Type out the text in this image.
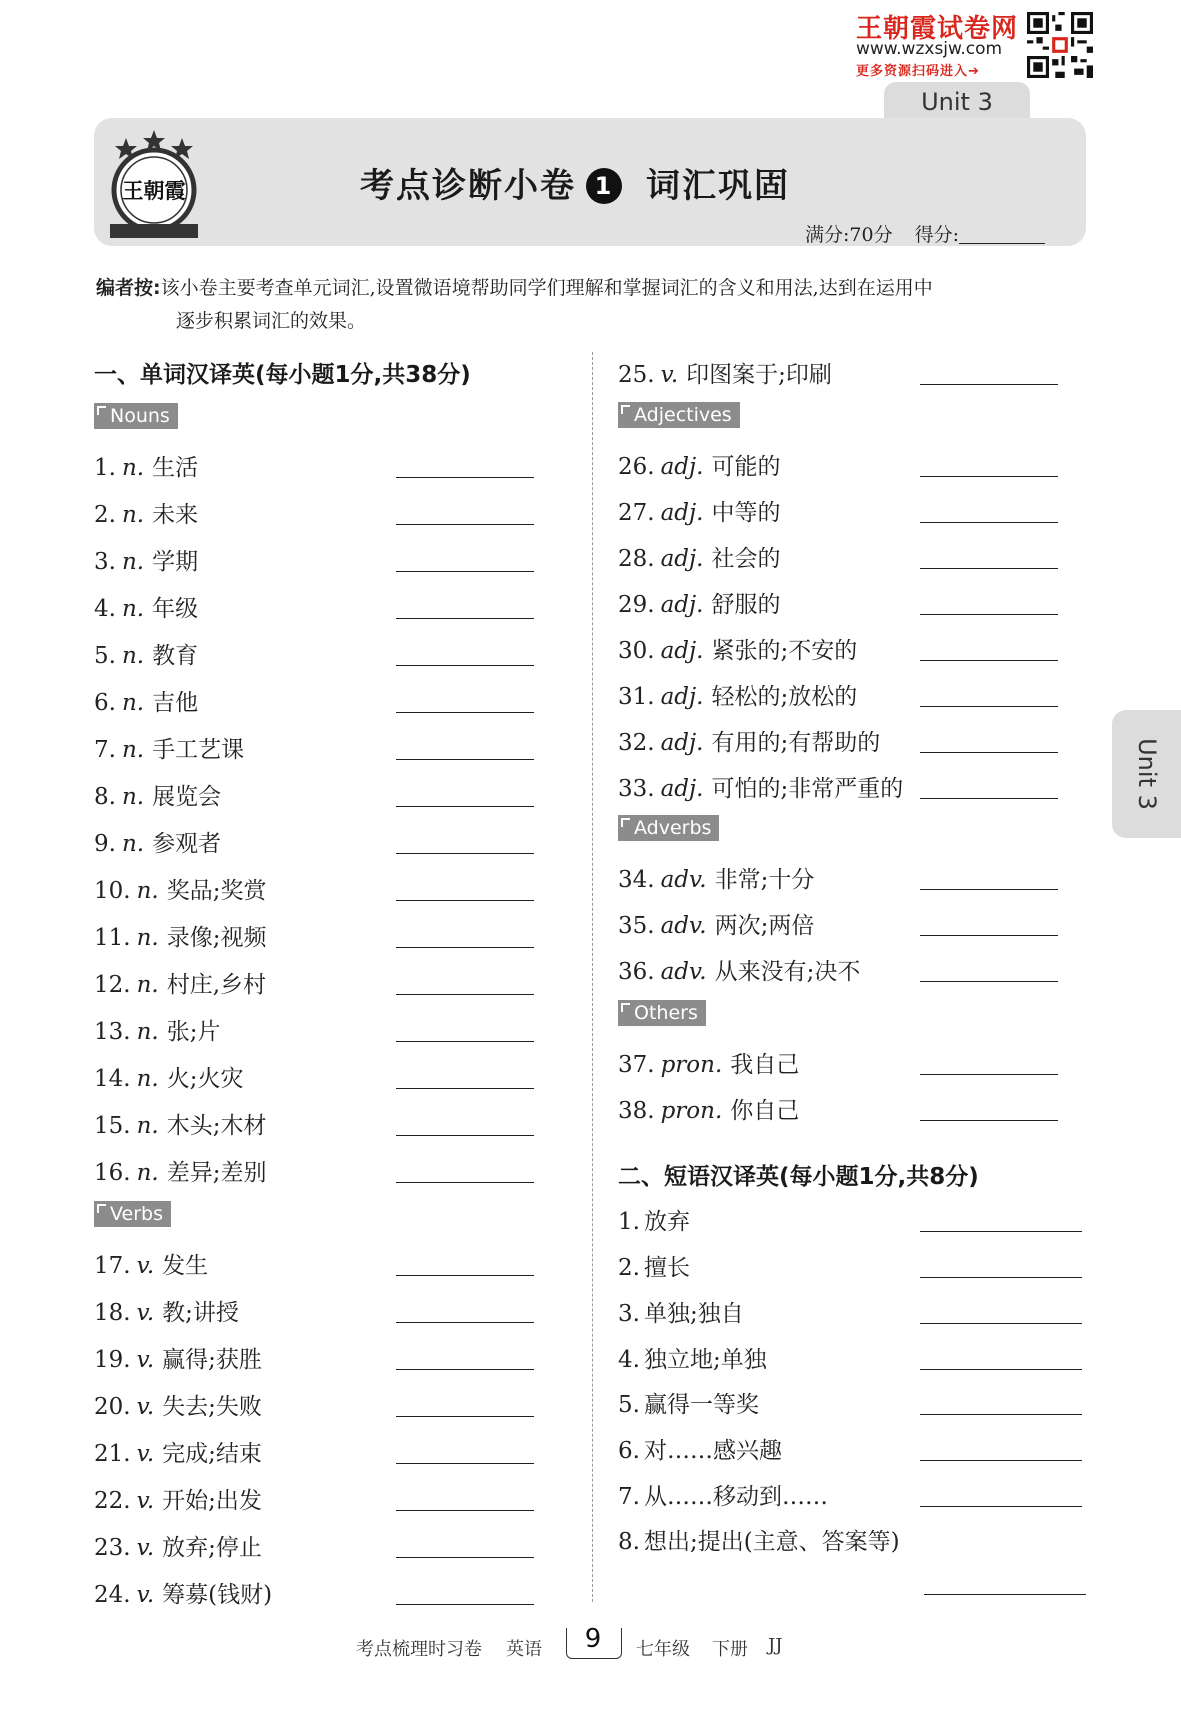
王朝霞试卷网
www.wzxsjw.com
更多资源扫码进入➔
Unit 3
王朝霞	考点诊断小卷 1 词汇巩固
满分:70分 得分:
编者按:该小卷主要考查单元词汇,设置微语境帮助同学们理解和掌握词汇的含义和用法,达到在运用中
逐步积累词汇的效果。
一、单词汉译英(每小题1分,共38分)
Nouns
Verbs
Adjectives
Adverbs
Others
二、短语汉译英(每小题1分,共8分)
1. n. 生活
2. n. 未来
3. n. 学期
4. n. 年级
5. n. 教育
6. n. 吉他
7. n. 手工艺课
8. n. 展览会
9. n. 参观者
10. n. 奖品;奖赏
11. n. 录像;视频
12. n. 村庄,乡村
13. n. 张;片
14. n. 火;火灾
15. n. 木头;木材
16. n. 差异;差别
17. v. 发生
18. v. 教;讲授
19. v. 赢得;获胜
20. v. 失去;失败
21. v. 完成;结束
22. v. 开始;出发
23. v. 放弃;停止
24. v. 筹募(钱财)
25. v. 印图案于;印刷
26. adj. 可能的
27. adj. 中等的
28. adj. 社会的
29. adj. 舒服的
30. adj. 紧张的;不安的
31. adj. 轻松的;放松的
32. adj. 有用的;有帮助的
33. adj. 可怕的;非常严重的
34. adv. 非常;十分
35. adv. 两次;两倍
36. adv. 从来没有;决不
37. pron. 我自己
38. pron. 你自己
1. 放弃
2. 擅长
3. 单独;独自
4. 独立地;单独
5. 赢得一等奖
6. 对……感兴趣
7. 从……移动到……
8. 想出;提出(主意、答案等)
Unit 3
考点梳理时习卷 英语	9	七年级 下册 JJ
